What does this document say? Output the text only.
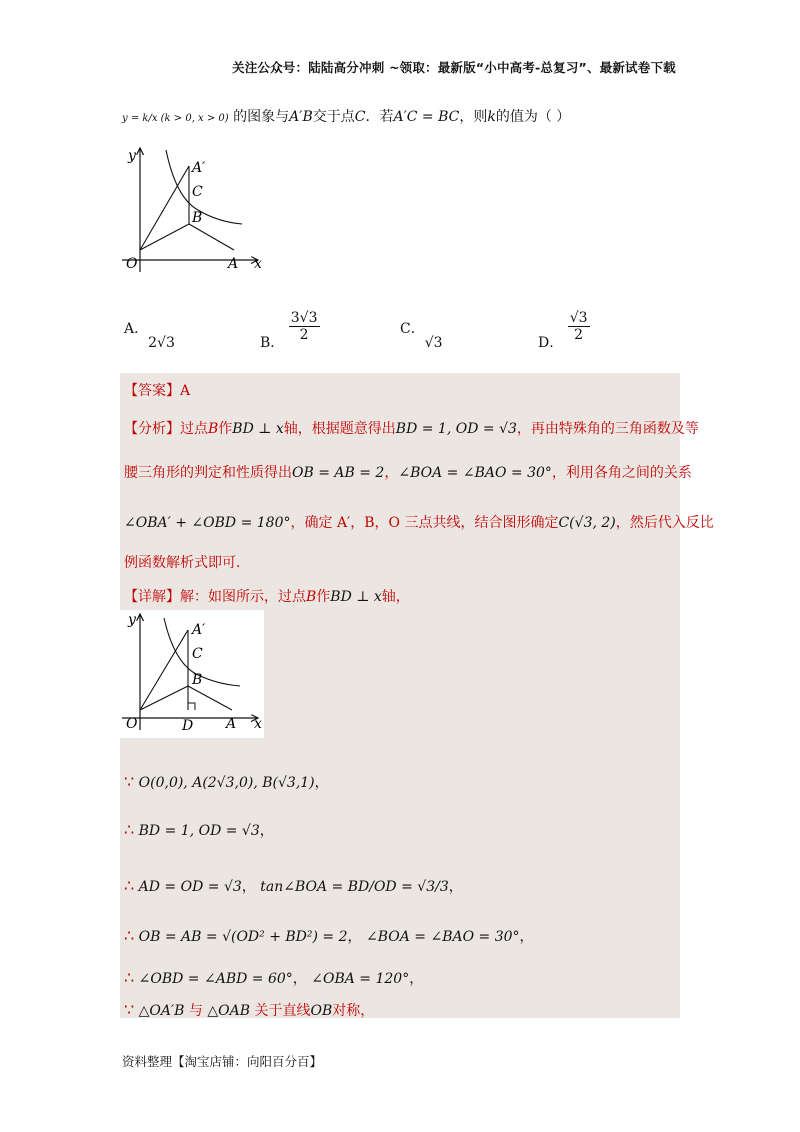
关注公众号：陆陆高分冲刺 ~领取：最新版“小中高考-总复习”、最新试卷下载
y = k/x (k > 0, x > 0) 的图象与A′B交于点C．若A′C = BC，则k的值为（ ）
O	A x
y
A′
C
B
A．2√3	B． $\frac{3√3}{2}$	C．√3	D． $\frac{√3}{2}$
【答案】A
【分析】过点B作BD ⊥ x轴，根据题意得出BD = 1, OD = √3，再由特殊角的三角函数及等
腰三角形的判定和性质得出OB = AB = 2，∠BOA = ∠BAO = 30°，利用各角之间的关系
∠OBA′ + ∠OBD = 180°，确定 A′，B，O 三点共线，结合图形确定C(√3, 2)，然后代入反比
例函数解析式即可．
【详解】解：如图所示，过点B作BD ⊥ x轴，
O	D A x
y
A′
C
B
∵ O(0,0), A(2√3,0), B(√3,1)，
∴ BD = 1, OD = √3，
∴ AD = OD = √3， tan∠BOA = BD/OD = √3/3，
∴ OB = AB = √(OD² + BD²) = 2， ∠BOA = ∠BAO = 30°，
∴ ∠OBD = ∠ABD = 60°， ∠OBA = 120°，
∵ △OA′B 与 △OAB 关于直线OB对称，
资料整理【淘宝店铺：向阳百分百】
